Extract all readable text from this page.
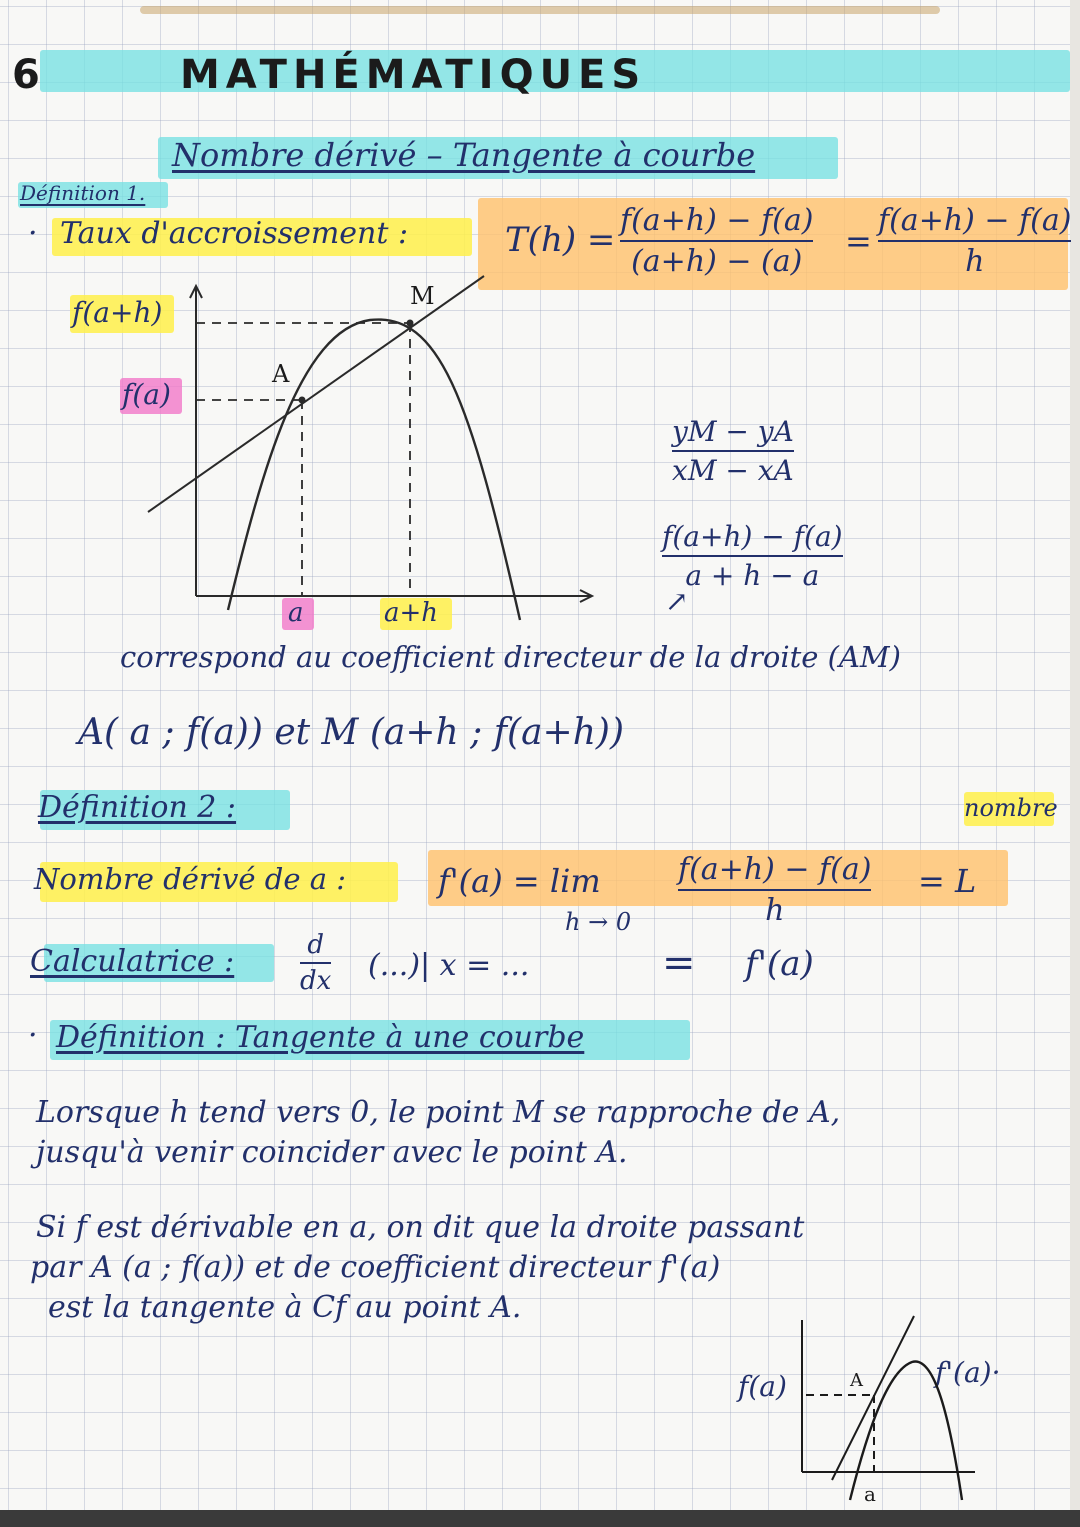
6	MATHÉMATIQUES
Nombre dérivé – Tangente à courbe
Définition 1.
· Taux d'accroissement :	T(h) = f(a+h) − f(a)
(a+h) − (a)
=
f(a+h) − f(a)
h
f(a+h)
f(a)
A
M
a	a+h
yM − yA
xM − xA
f(a+h) − f(a)
a + h − a
↗
correspond au coefficient directeur de la droite (AM)
A( a ; f(a)) et M (a+h ; f(a+h))
Définition 2 :	nombre
Nombre dérivé de a :	f'(a) = lim
h → 0
f(a+h) − f(a)
h
= L
Calculatrice :	d
dx (...)| x = ...	= f'(a)
· Définition : Tangente à une courbe
Lorsque h tend vers 0, le point M se rapproche de A,
jusqu'à venir coincider avec le point A.
Si f est dérivable en a, on dit que la droite passant
par A (a ; f(a)) et de coefficient directeur f'(a)
est la tangente à Cf au point A.
f(a)	A	f'(a)·
a
